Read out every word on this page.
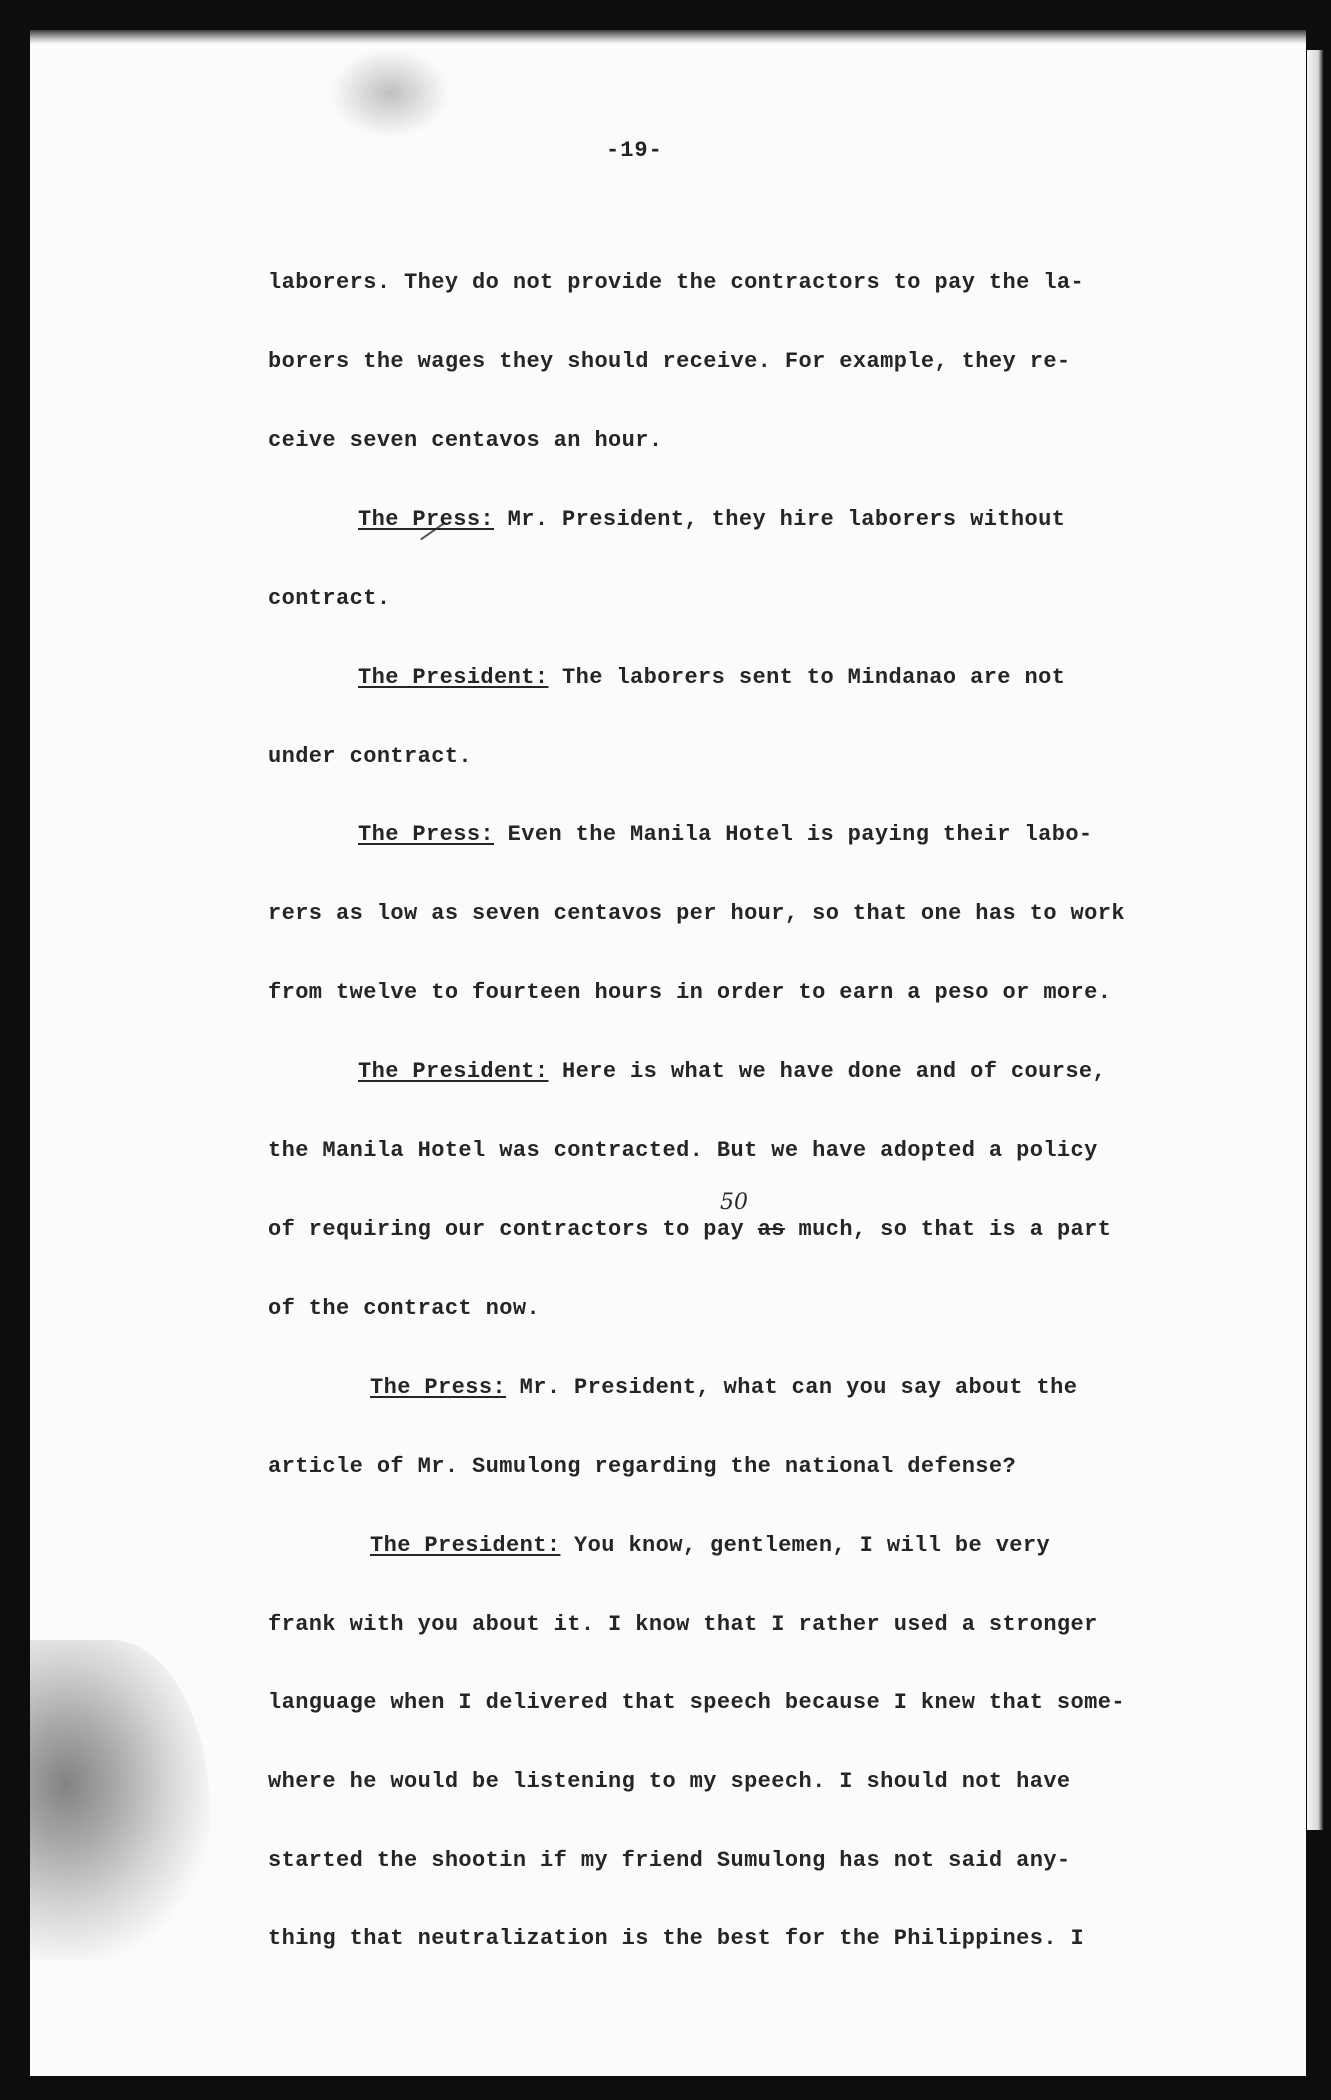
-19-
laborers. They do not provide the contractors to pay the la-
borers the wages they should receive. For example, they re-
ceive seven centavos an hour.
The Press: Mr. President, they hire laborers without
contract.
The President: The laborers sent to Mindanao are not
under contract.
The Press: Even the Manila Hotel is paying their labo-
rers as low as seven centavos per hour, so that one has to work
from twelve to fourteen hours in order to earn a peso or more.
The President: Here is what we have done and of course,
the Manila Hotel was contracted. But we have adopted a policy
50
of requiring our contractors to pay as much, so that is a part
of the contract now.
The Press: Mr. President, what can you say about the
article of Mr. Sumulong regarding the national defense?
The President: You know, gentlemen, I will be very
frank with you about it. I know that I rather used a stronger
language when I delivered that speech because I knew that some-
where he would be listening to my speech. I should not have
started the shootin if my friend Sumulong has not said any-
thing that neutralization is the best for the Philippines. I
